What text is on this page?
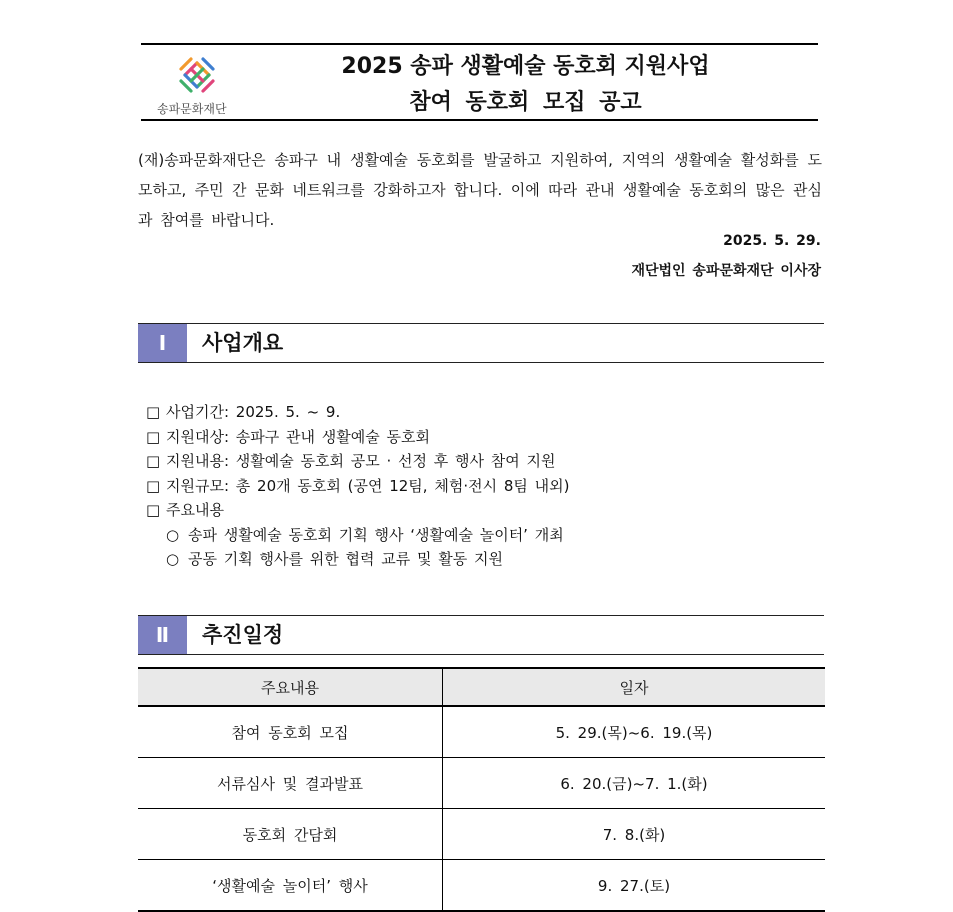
송파문화재단
2025 송파 생활예술 동호회 지원사업
참여 동호회 모집 공고
(재)송파문화재단은 송파구 내 생활예술 동호회를 발굴하고 지원하여, 지역의 생활예술 활성화를 도모하고, 주민 간 문화 네트워크를 강화하고자 합니다. 이에 따라 관내 생활예술 동호회의 많은 관심과 참여를 바랍니다.
2025. 5. 29.
재단법인 송파문화재단 이사장
Ⅰ	사업개요
□ 사업기간: 2025. 5. ~ 9.
□ 지원대상: 송파구 관내 생활예술 동호회
□ 지원내용: 생활예술 동호회 공모 · 선정 후 행사 참여 지원
□ 지원규모: 총 20개 동호회 (공연 12팀, 체험·전시 8팀 내외)
□ 주요내용
○ 송파 생활예술 동호회 기획 행사 ‘생활예술 놀이터’ 개최
○ 공동 기획 행사를 위한 협력 교류 및 활동 지원
Ⅱ	추진일정
주요내용	일자
참여 동호회 모집	5. 29.(목)~6. 19.(목)
서류심사 및 결과발표	6. 20.(금)~7. 1.(화)
동호회 간담회	7. 8.(화)
‘생활예술 놀이터’ 행사	9. 27.(토)
